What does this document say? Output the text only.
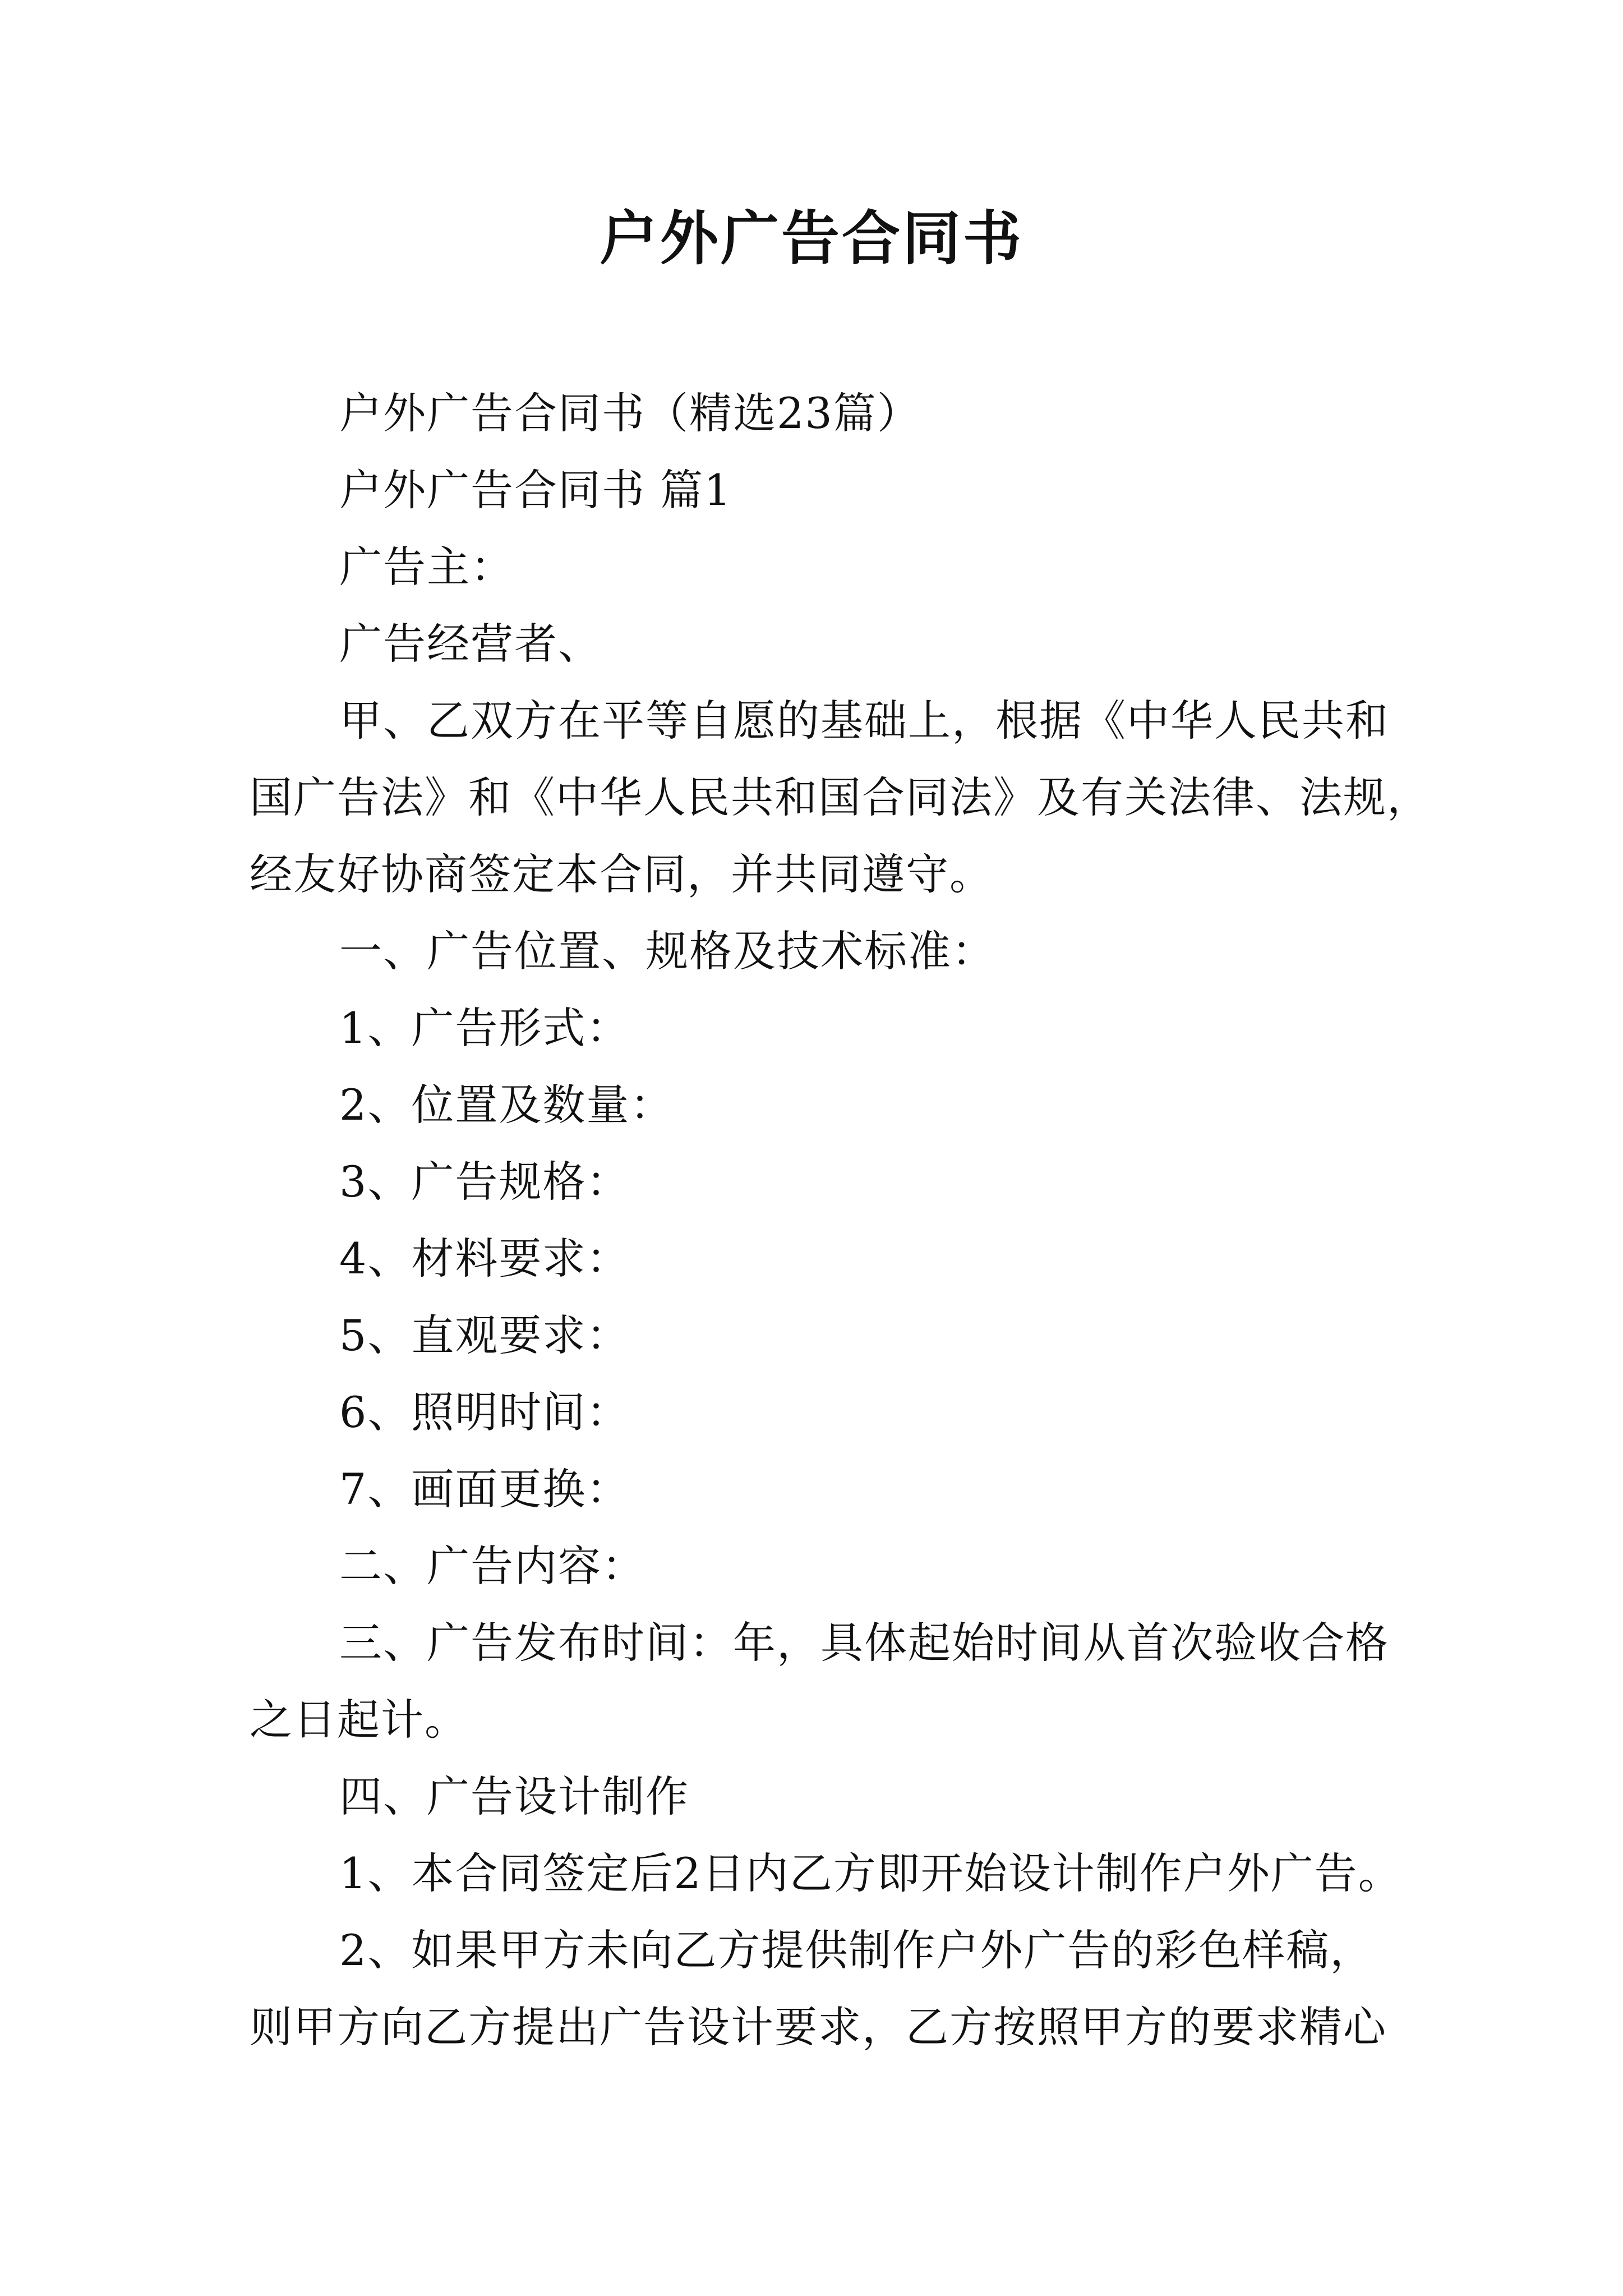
户外广告合同书

户外广告合同书（精选23篇）

户外广告合同书 篇1

广告主：

广告经营者、

甲、乙双方在平等自愿的基础上，根据《中华人民共和
国广告法》和《中华人民共和国合同法》及有关法律、法规，
经友好协商签定本合同，并共同遵守。

一、广告位置、规格及技术标准：

1、广告形式：

2、位置及数量：

3、广告规格：

4、材料要求：

5、直观要求：

6、照明时间：

7、画面更换：

二、广告内容：

三、广告发布时间：年，具体起始时间从首次验收合格
之日起计。

四、广告设计制作

1、本合同签定后2日内乙方即开始设计制作户外广告。

2、如果甲方未向乙方提供制作户外广告的彩色样稿，
则甲方向乙方提出广告设计要求，乙方按照甲方的要求精心
